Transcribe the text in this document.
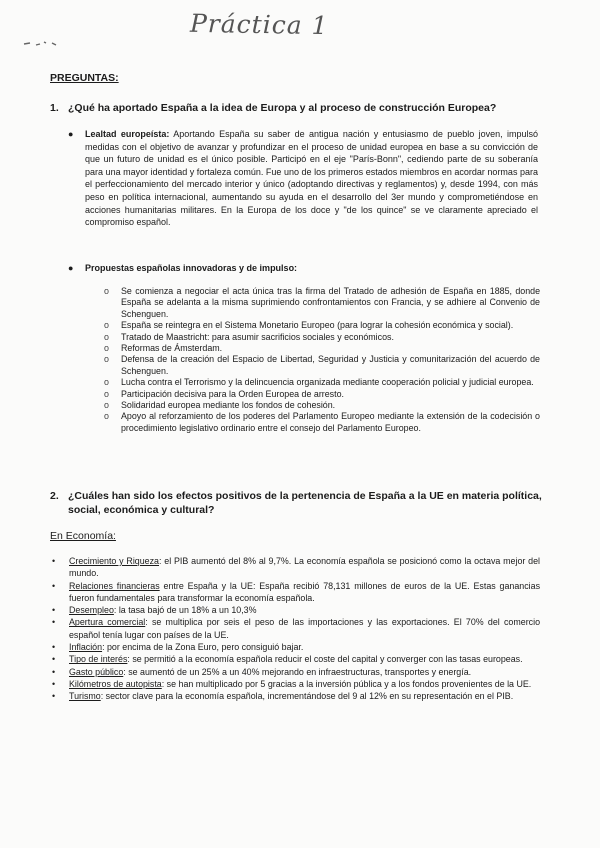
Práctica 1
PREGUNTAS:
1. ¿Qué ha aportado España a la idea de Europa y al proceso de construcción Europea?
● Lealtad europeísta: Aportando España su saber de antigua nación y entusiasmo de pueblo joven, impulsó medidas con el objetivo de avanzar y profundizar en el proceso de unidad europea en base a su convicción de que un futuro de unidad es el único posible. Participó en el eje "París-Bonn", cediendo parte de su soberanía para una mayor identidad y fortaleza común. Fue uno de los primeros estados miembros en acordar normas para el perfeccionamiento del mercado interior y único (adoptando directivas y reglamentos) y, desde 1994, con más peso en política internacional, aumentando su ayuda en el desarrollo del 3er mundo y comprometiéndose en acciones humanitarias militares. En la Europa de los doce y "de los quince" se ve claramente apreciado el compromiso español.
● Propuestas españolas innovadoras y de impulso:
o	Se comienza a negociar el acta única tras la firma del Tratado de adhesión de España en 1885, donde España se adelanta a la misma suprimiendo confrontamientos con Francia, y se adhiere al Convenio de Schenguen.
o	España se reintegra en el Sistema Monetario Europeo (para lograr la cohesión económica y social).
o	Tratado de Maastricht: para asumir sacrificios sociales y económicos.
o	Reformas de Ámsterdam.
o	Defensa de la creación del Espacio de Libertad, Seguridad y Justicia y comunitarización del acuerdo de Schenguen.
o	Lucha contra el Terrorismo y la delincuencia organizada mediante cooperación policial y judicial europea.
o	Participación decisiva para la Orden Europea de arresto.
o	Solidaridad europea mediante los fondos de cohesión.
o	Apoyo al reforzamiento de los poderes del Parlamento Europeo mediante la extensión de la codecisión o procedimiento legislativo ordinario entre el consejo del Parlamento Europeo.
2. ¿Cuáles han sido los efectos positivos de la pertenencia de España a la UE en materia política, social, económica y cultural?
En Economía:
•	Crecimiento y Riqueza: el PIB aumentó del 8% al 9,7%. La economía española se posicionó como la octava mejor del mundo.
•	Relaciones financieras entre España y la UE: España recibió 78,131 millones de euros de la UE. Estas ganancias fueron fundamentales para transformar la economía española.
•	Desempleo: la tasa bajó de un 18% a un 10,3%
•	Apertura comercial: se multiplica por seis el peso de las importaciones y las exportaciones. El 70% del comercio español tenía lugar con países de la UE.
•	Inflación: por encima de la Zona Euro, pero consiguió bajar.
•	Tipo de interés: se permitió a la economía española reducir el coste del capital y converger con las tasas europeas.
•	Gasto público: se aumentó de un 25% a un 40% mejorando en infraestructuras, transportes y energía.
•	Kilómetros de autopista: se han multiplicado por 5 gracias a la inversión pública y a los fondos provenientes de la UE.
•	Turismo: sector clave para la economía española, incrementándose del 9 al 12% en su representación en el PIB.
